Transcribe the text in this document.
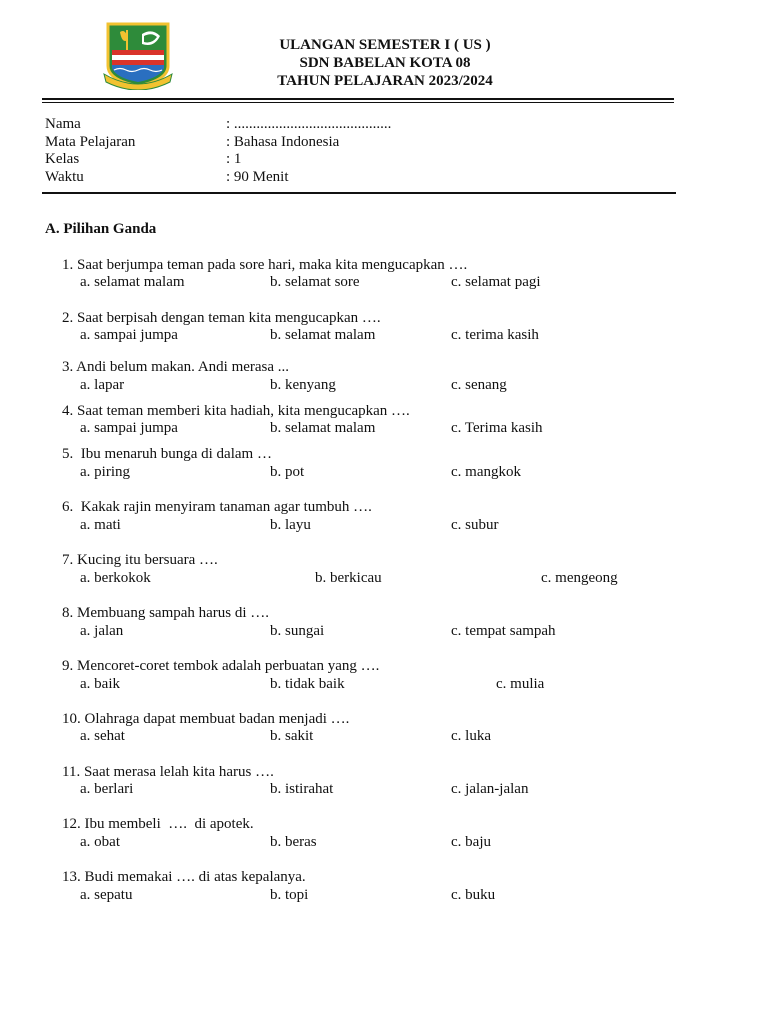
ULANGAN SEMESTER I ( US )
SDN BABELAN KOTA 08
TAHUN PELAJARAN 2023/2024
Nama	: ..........................................
Mata Pelajaran	: Bahasa Indonesia
Kelas	: 1
Waktu	: 90 Menit
A. Pilihan Ganda
1. Saat berjumpa teman pada sore hari, maka kita mengucapkan ….
a. selamat malam	b. selamat sore	c. selamat pagi
2. Saat berpisah dengan teman kita mengucapkan ….
a. sampai jumpa	b. selamat malam	c. terima kasih
3. Andi belum makan. Andi merasa ...
a. lapar	b. kenyang	c. senang
4. Saat teman memberi kita hadiah, kita mengucapkan ….
a. sampai jumpa	b. selamat malam	c. Terima kasih
5.  Ibu menaruh bunga di dalam …
a. piring	b. pot	c. mangkok
6.  Kakak rajin menyiram tanaman agar tumbuh ….
a. mati	b. layu	c. subur
7. Kucing itu bersuara ….
a. berkokok	b. berkicau	c. mengeong
8. Membuang sampah harus di ….
a. jalan	b. sungai	c. tempat sampah
9. Mencoret-coret tembok adalah perbuatan yang ….
a. baik	b. tidak baik	c. mulia
10. Olahraga dapat membuat badan menjadi ….
a. sehat	b. sakit	c. luka
11. Saat merasa lelah kita harus ….
a. berlari	b. istirahat	c. jalan-jalan
12. Ibu membeli  ….  di apotek.
a. obat	b. beras	c. baju
13. Budi memakai …. di atas kepalanya.
a. sepatu	b. topi	c. buku
